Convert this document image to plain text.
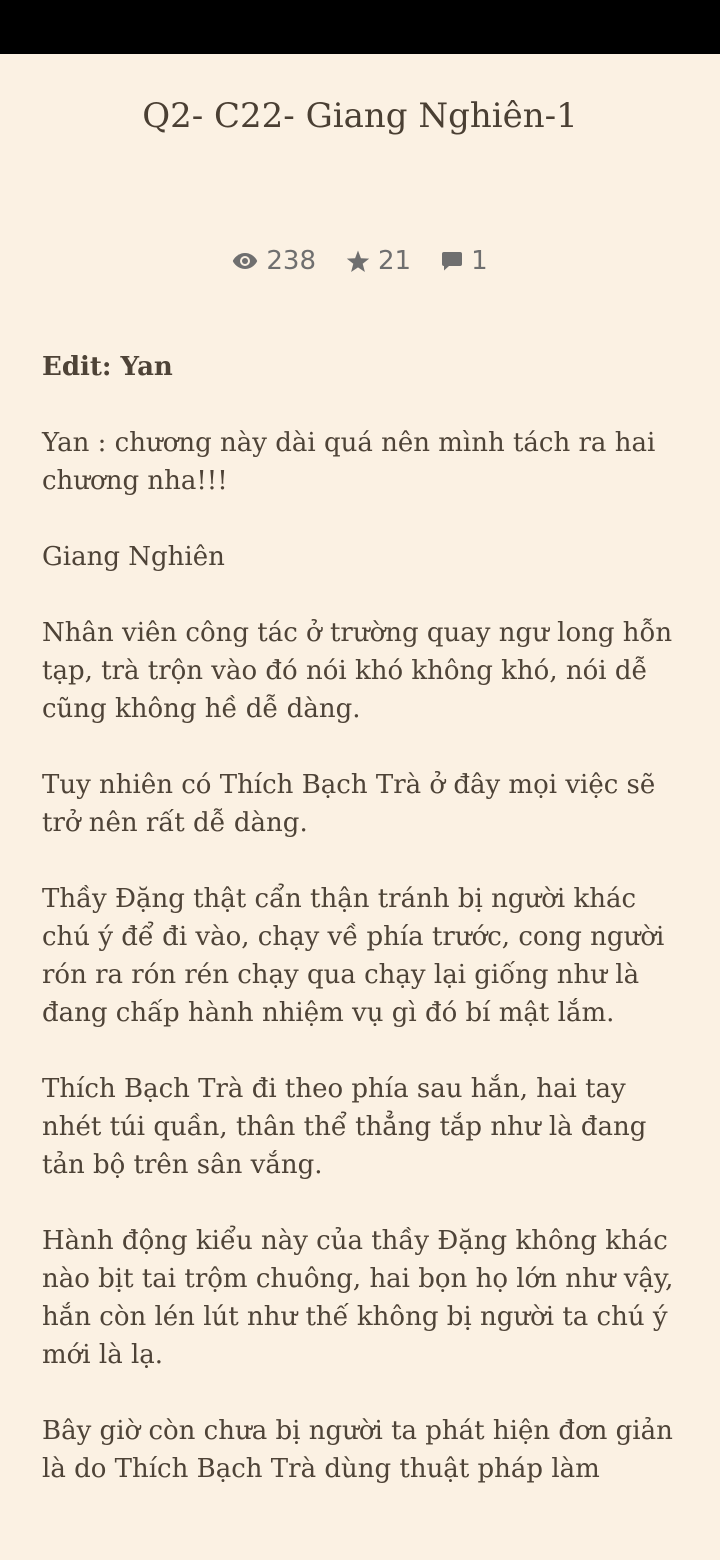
Q2- C22- Giang Nghiên-1
238 21 1

Edit: Yan

Yan : chương này dài quá nên mình tách ra hai chương nha!!!

Giang Nghiên

Nhân viên công tác ở trường quay ngư long hỗn tạp, trà trộn vào đó nói khó không khó, nói dễ cũng không hề dễ dàng.

Tuy nhiên có Thích Bạch Trà ở đây mọi việc sẽ trở nên rất dễ dàng.

Thầy Đặng thật cẩn thận tránh bị người khác chú ý để đi vào, chạy về phía trước, cong người rón ra rón rén chạy qua chạy lại giống như là đang chấp hành nhiệm vụ gì đó bí mật lắm.

Thích Bạch Trà đi theo phía sau hắn, hai tay nhét túi quần, thân thể thẳng tắp như là đang tản bộ trên sân vắng.

Hành động kiểu này của thầy Đặng không khác nào bịt tai trộm chuông, hai bọn họ lớn như vậy, hắn còn lén lút như thế không bị người ta chú ý mới là lạ.

Bây giờ còn chưa bị người ta phát hiện đơn giản là do Thích Bạch Trà dùng thuật pháp làm
